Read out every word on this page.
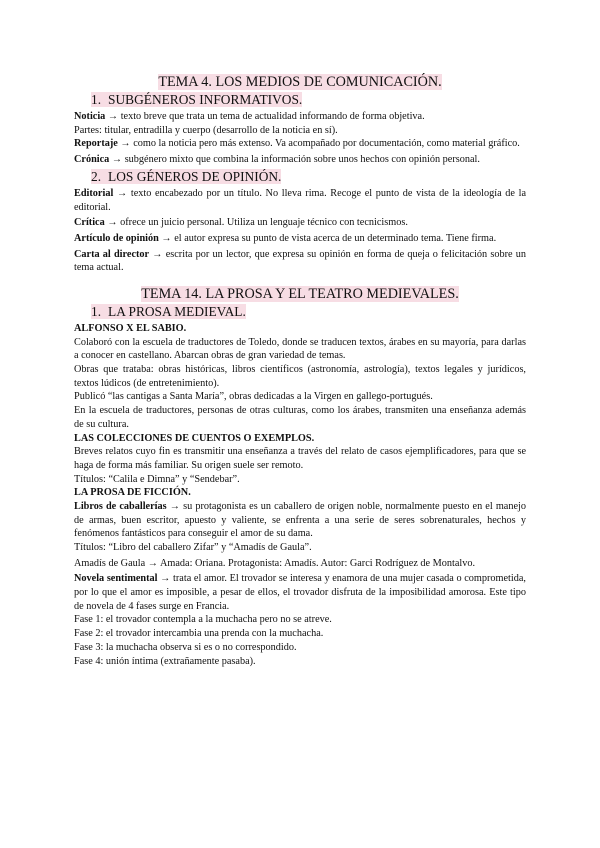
TEMA 4. LOS MEDIOS DE COMUNICACIÓN.
1. SUBGÉNEROS INFORMATIVOS.

Noticia → texto breve que trata un tema de actualidad informando de forma objetiva.

Partes: titular, entradilla y cuerpo (desarrollo de la noticia en sí).

Reportaje → como la noticia pero más extenso. Va acompañado por documentación, como material gráfico.

Crónica → subgénero mixto que combina la información sobre unos hechos con opinión personal.

2. LOS GÉNEROS DE OPINIÓN.

Editorial → texto encabezado por un título. No lleva rima. Recoge el punto de vista de la ideología de la editorial.

Crítica → ofrece un juicio personal. Utiliza un lenguaje técnico con tecnicismos.

Artículo de opinión → el autor expresa su punto de vista acerca de un determinado tema. Tiene firma.

Carta al director → escrita por un lector, que expresa su opinión en forma de queja o felicitación sobre un tema actual.

TEMA 14. LA PROSA Y EL TEATRO MEDIEVALES.
1. LA PROSA MEDIEVAL.
ALFONSO X EL SABIO.

Colaboró con la escuela de traductores de Toledo, donde se traducen textos, árabes en su mayoría, para darlas a conocer en castellano. Abarcan obras de gran variedad de temas.

Obras que trataba: obras históricas, libros científicos (astronomía, astrología), textos legales y jurídicos, textos lúdicos (de entretenimiento).

Publicó “las cantigas a Santa María”, obras dedicadas a la Virgen en gallego-portugués.

En la escuela de traductores, personas de otras culturas, como los árabes, transmiten una enseñanza además de su cultura.

LAS COLECCIONES DE CUENTOS O EXEMPLOS.

Breves relatos cuyo fin es transmitir una enseñanza a través del relato de casos ejemplificadores, para que se haga de forma más familiar. Su origen suele ser remoto.

Títulos: “Calila e Dimna” y “Sendebar”.

LA PROSA DE FICCIÓN.

Libros de caballerías → su protagonista es un caballero de origen noble, normalmente puesto en el manejo de armas, buen escritor, apuesto y valiente, se enfrenta a una serie de seres sobrenaturales, hechos y fenómenos fantásticos para conseguir el amor de su dama.

Títulos: “Libro del caballero Zifar” y “Amadís de Gaula”.

Amadís de Gaula → Amada: Oriana. Protagonista: Amadís. Autor: Garci Rodríguez de Montalvo.

Novela sentimental → trata el amor. El trovador se interesa y enamora de una mujer casada o comprometida, por lo que el amor es imposible, a pesar de ellos, el trovador disfruta de la imposibilidad amorosa. Este tipo de novela de 4 fases surge en Francia.

Fase 1: el trovador contempla a la muchacha pero no se atreve.

Fase 2: el trovador intercambia una prenda con la muchacha.

Fase 3: la muchacha observa si es o no correspondido.

Fase 4: unión íntima (extrañamente pasaba).
